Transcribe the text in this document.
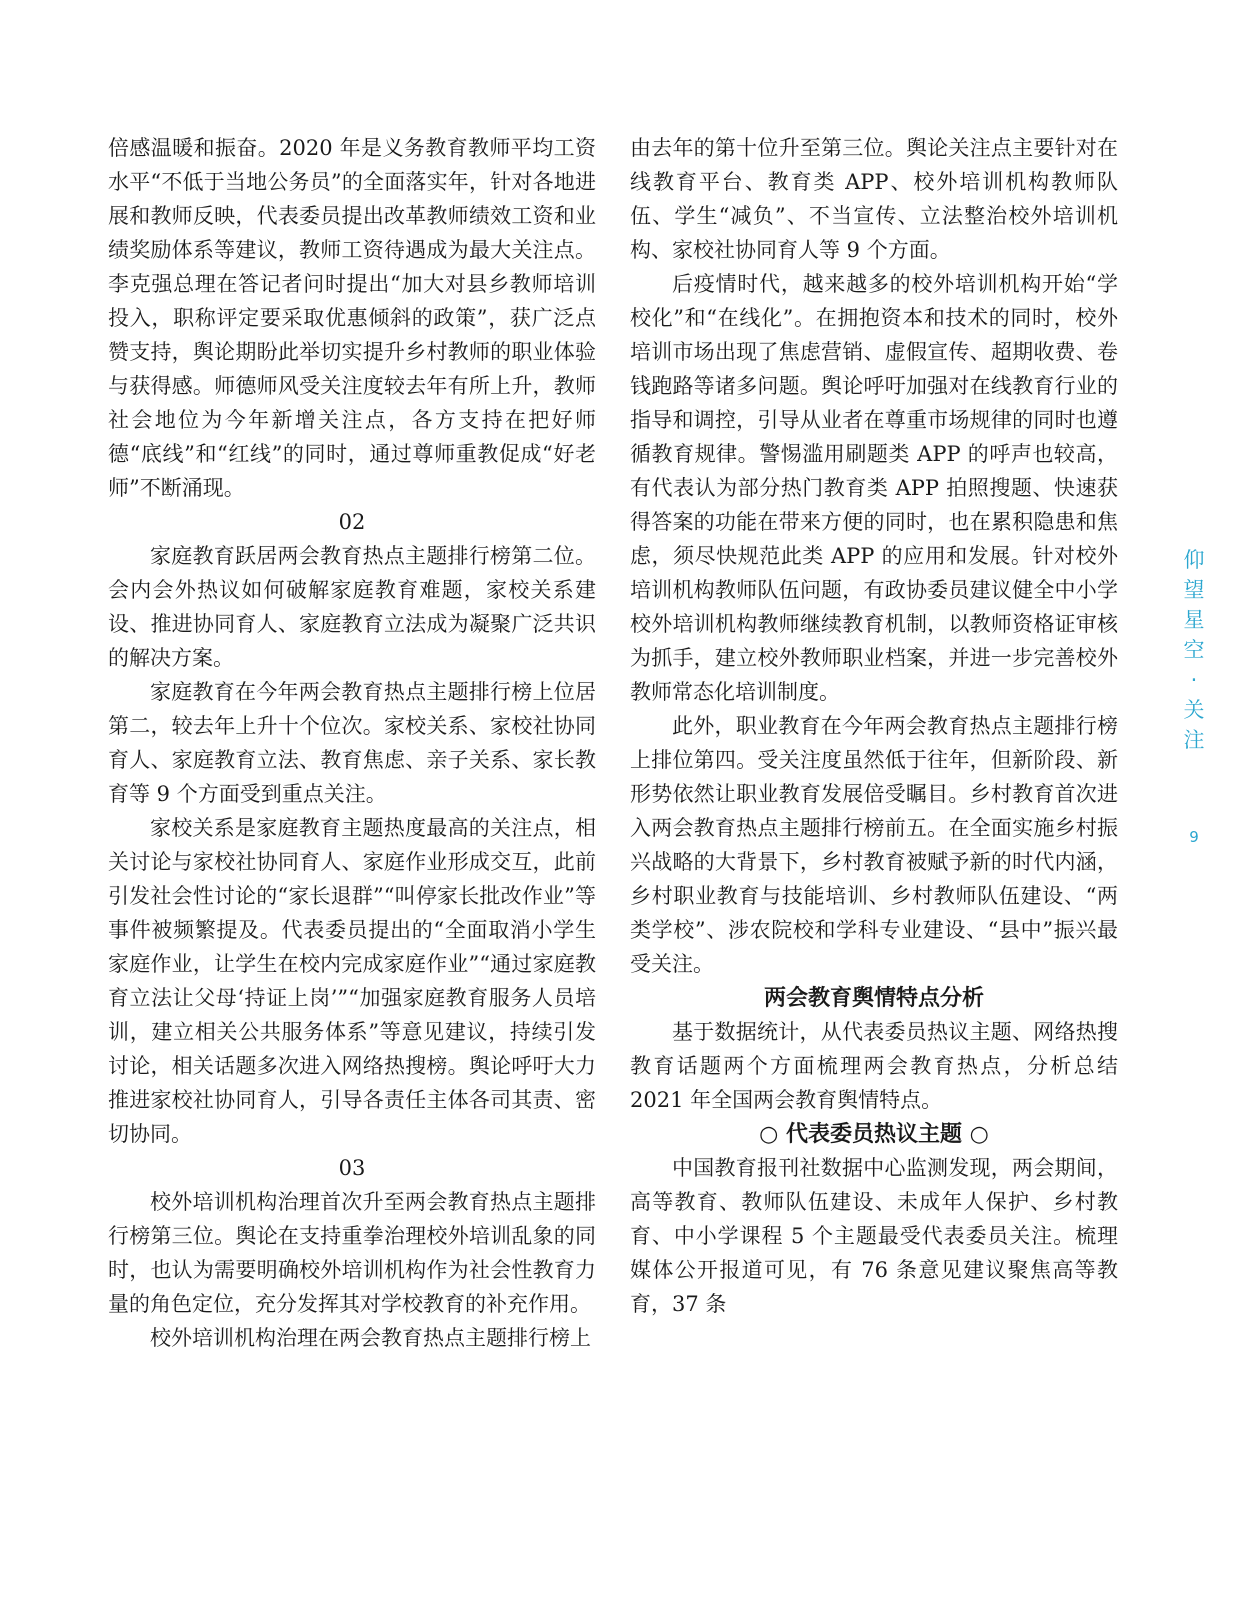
倍感温暖和振奋。2020 年是义务教育教师平均工资水平“不低于当地公务员”的全面落实年，针对各地进展和教师反映，代表委员提出改革教师绩效工资和业绩奖励体系等建议，教师工资待遇成为最大关注点。李克强总理在答记者问时提出“加大对县乡教师培训投入，职称评定要采取优惠倾斜的政策”，获广泛点赞支持，舆论期盼此举切实提升乡村教师的职业体验与获得感。师德师风受关注度较去年有所上升，教师社会地位为今年新增关注点，各方支持在把好师德“底线”和“红线”的同时，通过尊师重教促成“好老师”不断涌现。

02

家庭教育跃居两会教育热点主题排行榜第二位。会内会外热议如何破解家庭教育难题，家校关系建设、推进协同育人、家庭教育立法成为凝聚广泛共识的解决方案。

家庭教育在今年两会教育热点主题排行榜上位居第二，较去年上升十个位次。家校关系、家校社协同育人、家庭教育立法、教育焦虑、亲子关系、家长教育等 9 个方面受到重点关注。

家校关系是家庭教育主题热度最高的关注点，相关讨论与家校社协同育人、家庭作业形成交互，此前引发社会性讨论的“家长退群”“叫停家长批改作业”等事件被频繁提及。代表委员提出的“全面取消小学生家庭作业，让学生在校内完成家庭作业”“通过家庭教育立法让父母‘持证上岗’”“加强家庭教育服务人员培训，建立相关公共服务体系”等意见建议，持续引发讨论，相关话题多次进入网络热搜榜。舆论呼吁大力推进家校社协同育人，引导各责任主体各司其责、密切协同。

03

校外培训机构治理首次升至两会教育热点主题排行榜第三位。舆论在支持重拳治理校外培训乱象的同时，也认为需要明确校外培训机构作为社会性教育力量的角色定位，充分发挥其对学校教育的补充作用。

校外培训机构治理在两会教育热点主题排行榜上

由去年的第十位升至第三位。舆论关注点主要针对在线教育平台、教育类 APP、校外培训机构教师队伍、学生“减负”、不当宣传、立法整治校外培训机构、家校社协同育人等 9 个方面。

后疫情时代，越来越多的校外培训机构开始“学校化”和“在线化”。在拥抱资本和技术的同时，校外培训市场出现了焦虑营销、虚假宣传、超期收费、卷钱跑路等诸多问题。舆论呼吁加强对在线教育行业的指导和调控，引导从业者在尊重市场规律的同时也遵循教育规律。警惕滥用刷题类 APP 的呼声也较高，有代表认为部分热门教育类 APP 拍照搜题、快速获得答案的功能在带来方便的同时，也在累积隐患和焦虑，须尽快规范此类 APP 的应用和发展。针对校外培训机构教师队伍问题，有政协委员建议健全中小学校外培训机构教师继续教育机制，以教师资格证审核为抓手，建立校外教师职业档案，并进一步完善校外教师常态化培训制度。

此外，职业教育在今年两会教育热点主题排行榜上排位第四。受关注度虽然低于往年，但新阶段、新形势依然让职业教育发展倍受瞩目。乡村教育首次进入两会教育热点主题排行榜前五。在全面实施乡村振兴战略的大背景下，乡村教育被赋予新的时代内涵，乡村职业教育与技能培训、乡村教师队伍建设、“两类学校”、涉农院校和学科专业建设、“县中”振兴最受关注。

两会教育舆情特点分析

基于数据统计，从代表委员热议主题、网络热搜教育话题两个方面梳理两会教育热点，分析总结 2021 年全国两会教育舆情特点。

○ 代表委员热议主题 ○

中国教育报刊社数据中心监测发现，两会期间，高等教育、教师队伍建设、未成年人保护、乡村教育、中小学课程 5 个主题最受代表委员关注。梳理媒体公开报道可见，有 76 条意见建议聚焦高等教育，37 条

仰
望
星
空
·
关
注
9
